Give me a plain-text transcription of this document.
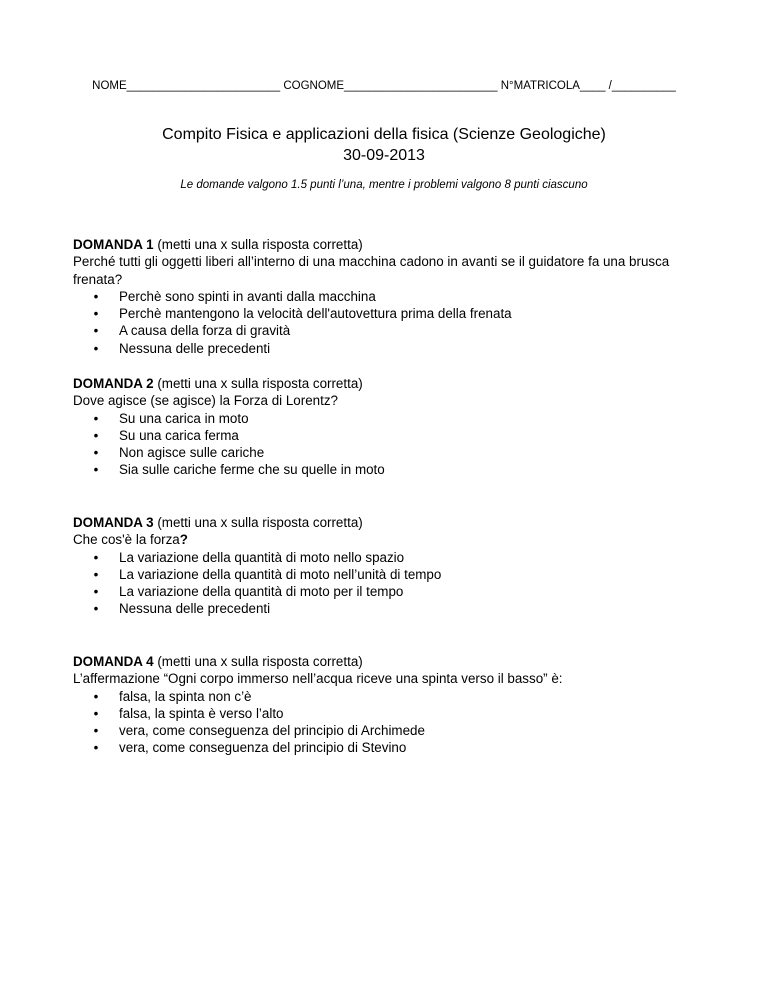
NOME________________________ COGNOME________________________ N°MATRICOLA____ /__________
Compito Fisica e applicazioni della fisica (Scienze Geologiche)
30-09-2013
Le domande valgono 1.5 punti l’una, mentre i problemi valgono 8 punti ciascuno

DOMANDA 1 (metti una x sulla risposta corretta)

Perché tutti gli oggetti liberi all’interno di una macchina cadono in avanti se il guidatore fa una brusca frenata?

• Perchè sono spinti in avanti dalla macchina
• Perchè mantengono la velocità dell'autovettura prima della frenata
• A causa della forza di gravità
• Nessuna delle precedenti

DOMANDA 2 (metti una x sulla risposta corretta)

Dove agisce (se agisce) la Forza di Lorentz?

• Su una carica in moto
• Su una carica ferma
• Non agisce sulle cariche
• Sia sulle cariche ferme che su quelle in moto

DOMANDA 3 (metti una x sulla risposta corretta)

Che cos'è la forza?

• La variazione della quantità di moto nello spazio
• La variazione della quantità di moto nell’unità di tempo
• La variazione della quantità di moto per il tempo
• Nessuna delle precedenti

DOMANDA 4 (metti una x sulla risposta corretta)

L’affermazione “Ogni corpo immerso nell’acqua riceve una spinta verso il basso” è:

• falsa, la spinta non c’è
• falsa, la spinta è verso l’alto
• vera, come conseguenza del principio di Archimede
• vera, come conseguenza del principio di Stevino
